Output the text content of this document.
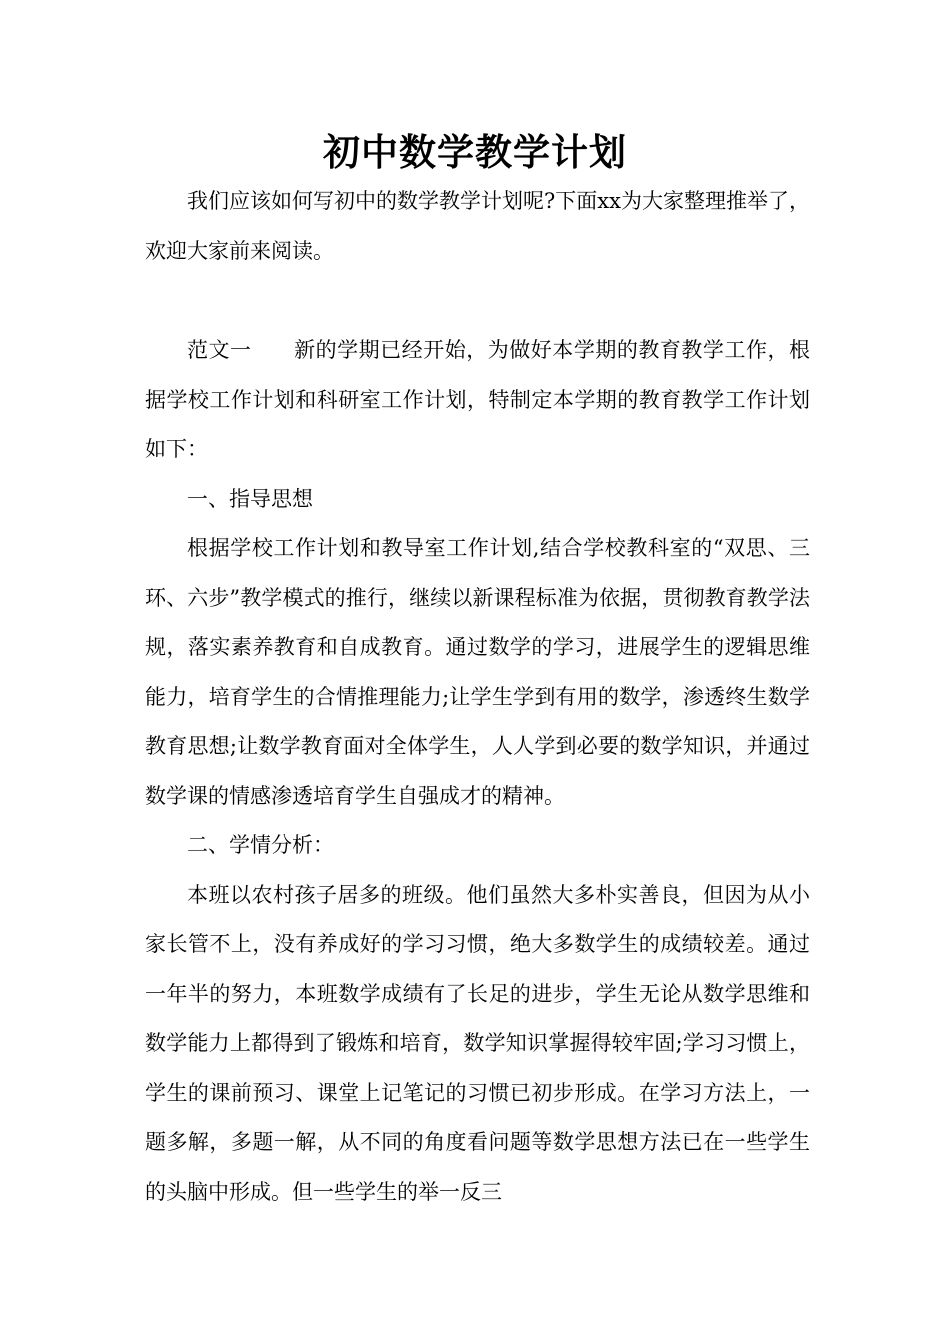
初中数学教学计划

我们应该如何写初中的数学教学计划呢?下面xx为大家整理推举了，欢迎大家前来阅读。

范文一 新的学期已经开始，为做好本学期的教育教学工作，根据学校工作计划和科研室工作计划，特制定本学期的教育教学工作计划如下：

一、指导思想

根据学校工作计划和教导室工作计划,结合学校教科室的“双思、三环、六步”教学模式的推行，继续以新课程标准为依据，贯彻教育教学法规，落实素养教育和自成教育。通过数学的学习，进展学生的逻辑思维能力，培育学生的合情推理能力;让学生学到有用的数学，渗透终生数学教育思想;让数学教育面对全体学生，人人学到必要的数学知识，并通过数学课的情感渗透培育学生自强成才的精神。

二、学情分析：

本班以农村孩子居多的班级。他们虽然大多朴实善良，但因为从小家长管不上，没有养成好的学习习惯，绝大多数学生的成绩较差。通过一年半的努力，本班数学成绩有了长足的进步，学生无论从数学思维和数学能力上都得到了锻炼和培育，数学知识掌握得较牢固;学习习惯上，学生的课前预习、课堂上记笔记的习惯已初步形成。在学习方法上，一题多解，多题一解，从不同的角度看问题等数学思想方法已在一些学生的头脑中形成。但一些学生的举一反三
